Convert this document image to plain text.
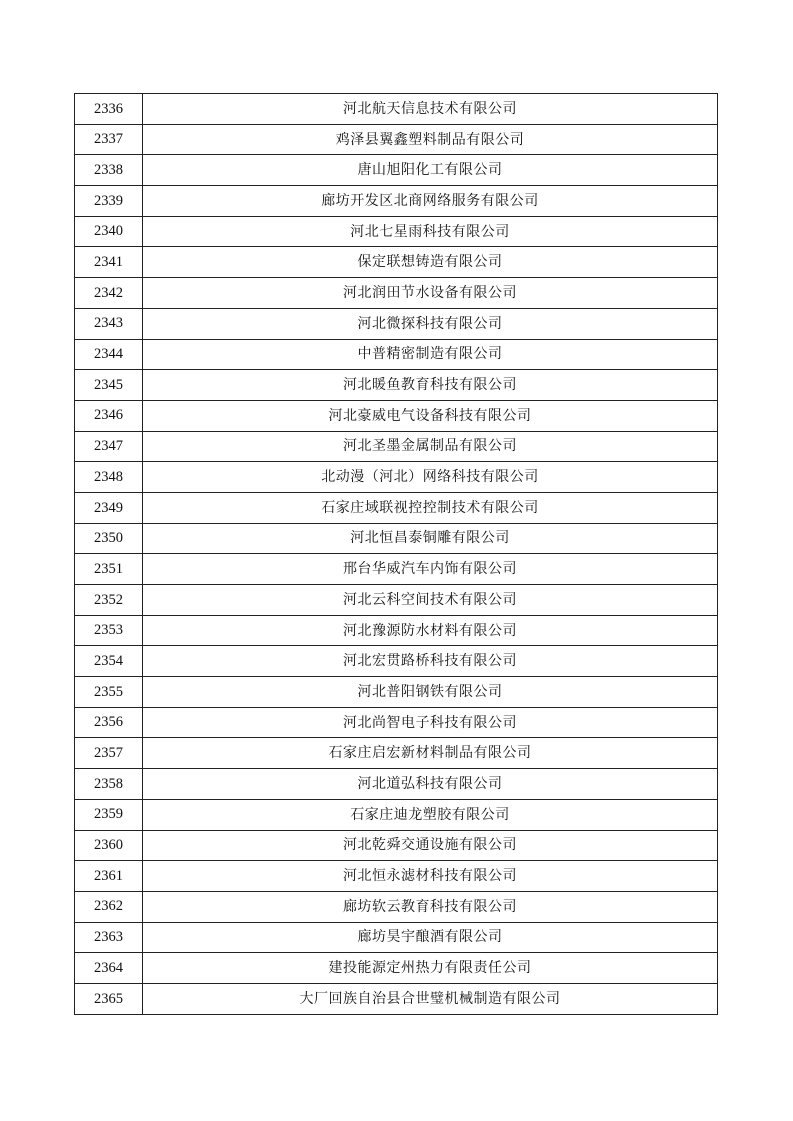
2336	河北航天信息技术有限公司
2337	鸡泽县翼鑫塑料制品有限公司
2338	唐山旭阳化工有限公司
2339	廊坊开发区北商网络服务有限公司
2340	河北七星雨科技有限公司
2341	保定联想铸造有限公司
2342	河北润田节水设备有限公司
2343	河北微探科技有限公司
2344	中普精密制造有限公司
2345	河北暖鱼教育科技有限公司
2346	河北豪威电气设备科技有限公司
2347	河北圣墨金属制品有限公司
2348	北动漫（河北）网络科技有限公司
2349	石家庄域联视控控制技术有限公司
2350	河北恒昌泰铜雕有限公司
2351	邢台华威汽车内饰有限公司
2352	河北云科空间技术有限公司
2353	河北豫源防水材料有限公司
2354	河北宏贯路桥科技有限公司
2355	河北普阳钢铁有限公司
2356	河北尚智电子科技有限公司
2357	石家庄启宏新材料制品有限公司
2358	河北道弘科技有限公司
2359	石家庄迪龙塑胶有限公司
2360	河北乾舜交通设施有限公司
2361	河北恒永滤材科技有限公司
2362	廊坊软云教育科技有限公司
2363	廊坊昊宇酿酒有限公司
2364	建投能源定州热力有限责任公司
2365	大厂回族自治县合世璧机械制造有限公司
